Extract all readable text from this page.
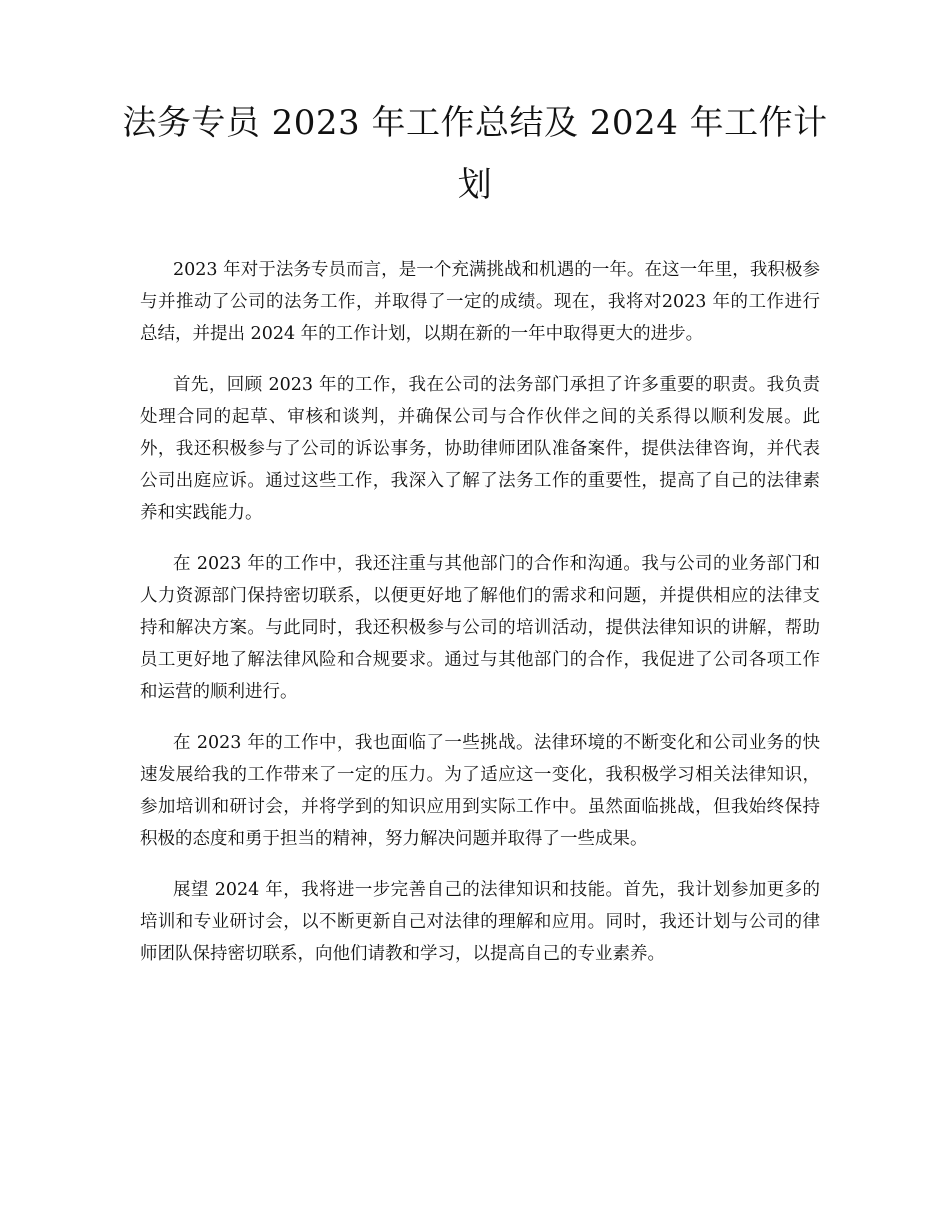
法务专员 2023 年工作总结及 2024 年工作计划

2023 年对于法务专员而言，是一个充满挑战和机遇的一年。在这一年里，我积极参与并推动了公司的法务工作，并取得了一定的成绩。现在，我将对2023 年的工作进行总结，并提出 2024 年的工作计划，以期在新的一年中取得更大的进步。

首先，回顾 2023 年的工作，我在公司的法务部门承担了许多重要的职责。我负责处理合同的起草、审核和谈判，并确保公司与合作伙伴之间的关系得以顺利发展。此外，我还积极参与了公司的诉讼事务，协助律师团队准备案件，提供法律咨询，并代表公司出庭应诉。通过这些工作，我深入了解了法务工作的重要性，提高了自己的法律素养和实践能力。

在 2023 年的工作中，我还注重与其他部门的合作和沟通。我与公司的业务部门和人力资源部门保持密切联系，以便更好地了解他们的需求和问题，并提供相应的法律支持和解决方案。与此同时，我还积极参与公司的培训活动，提供法律知识的讲解，帮助员工更好地了解法律风险和合规要求。通过与其他部门的合作，我促进了公司各项工作和运营的顺利进行。

在 2023 年的工作中，我也面临了一些挑战。法律环境的不断变化和公司业务的快速发展给我的工作带来了一定的压力。为了适应这一变化，我积极学习相关法律知识，参加培训和研讨会，并将学到的知识应用到实际工作中。虽然面临挑战，但我始终保持积极的态度和勇于担当的精神，努力解决问题并取得了一些成果。

展望 2024 年，我将进一步完善自己的法律知识和技能。首先，我计划参加更多的培训和专业研讨会，以不断更新自己对法律的理解和应用。同时，我还计划与公司的律师团队保持密切联系，向他们请教和学习，以提高自己的专业素养。
